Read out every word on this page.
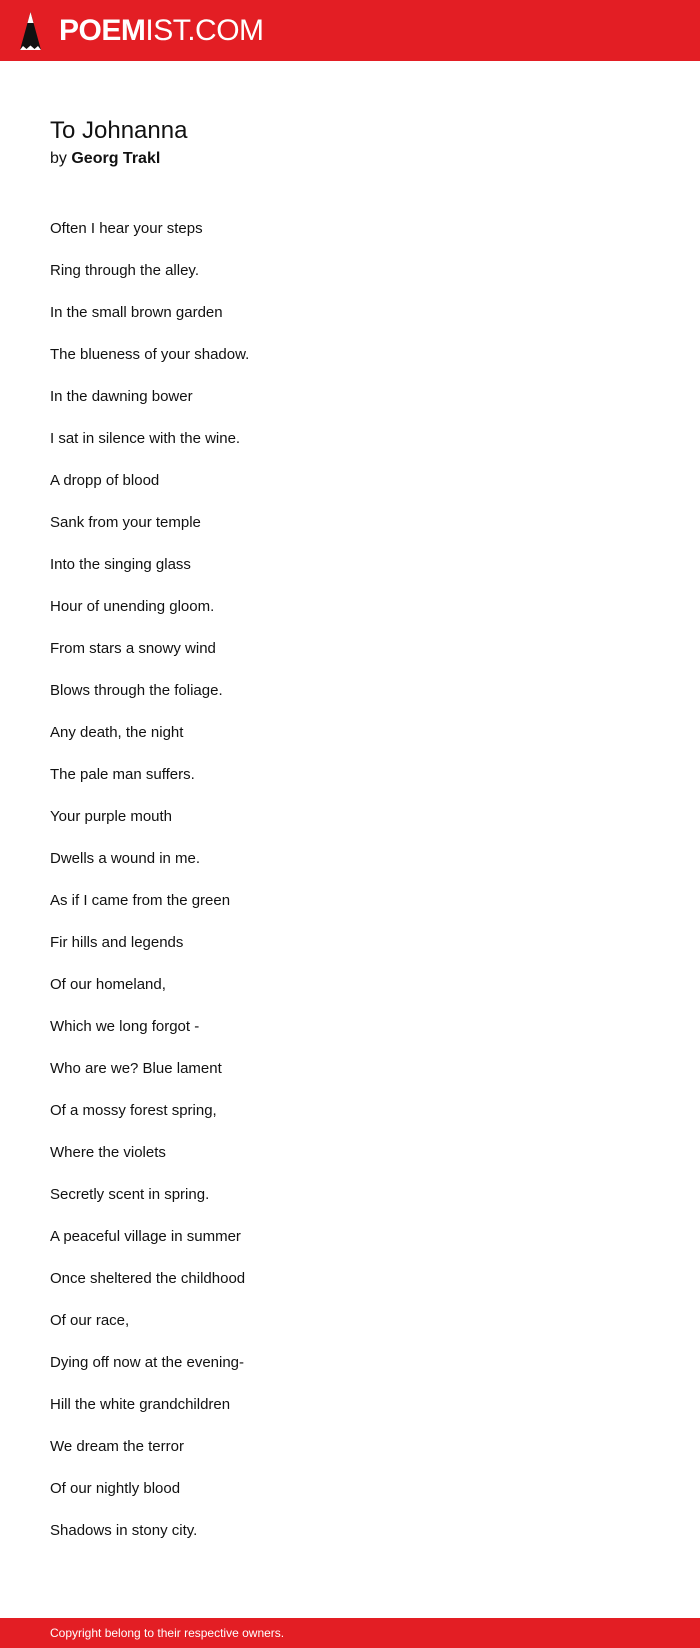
POEMIST.COM
To Johnanna

by Georg Trakl

Often I hear your steps
Ring through the alley.
In the small brown garden
The blueness of your shadow.
In the dawning bower
I sat in silence with the wine.
A dropp of blood
Sank from your temple
Into the singing glass
Hour of unending gloom.
From stars a snowy wind
Blows through the foliage.
Any death, the night
The pale man suffers.
Your purple mouth
Dwells a wound in me.
As if I came from the green
Fir hills and legends
Of our homeland,
Which we long forgot -
Who are we? Blue lament
Of a mossy forest spring,
Where the violets
Secretly scent in spring.
A peaceful village in summer
Once sheltered the childhood
Of our race,
Dying off now at the evening-
Hill the white grandchildren
We dream the terror
Of our nightly blood
Shadows in stony city.
Copyright belong to their respective owners.
